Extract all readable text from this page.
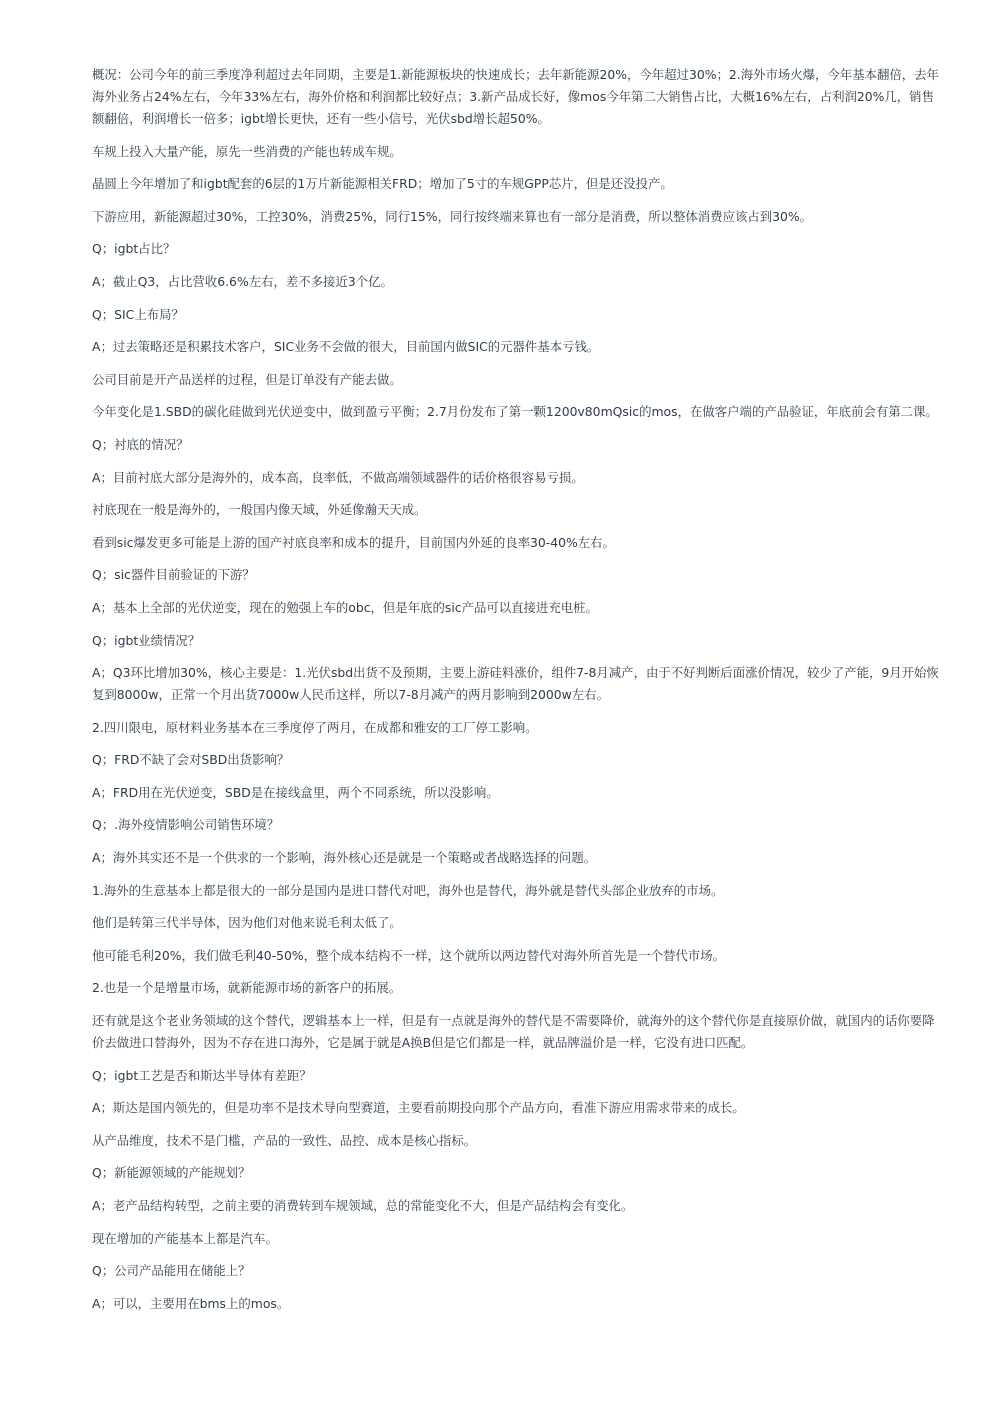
概况：公司今年的前三季度净利超过去年同期，主要是1.新能源板块的快速成长；去年新能源20%，今年超过30%；2.海外市场火爆，今年基本翻倍，去年海外业务占24%左右，今年33%左右，海外价格和利润都比较好点；3.新产品成长好，像mos今年第二大销售占比，大概16%左右，占利润20%几，销售额翻倍，利润增长一倍多；igbt增长更快，还有一些小信号，光伏sbd增长超50%。

车规上投入大量产能，原先一些消费的产能也转成车规。

晶圆上今年增加了和igbt配套的6层的1万片新能源相关FRD；增加了5寸的车规GPP芯片，但是还没投产。

下游应用，新能源超过30%，工控30%，消费25%，同行15%，同行按终端来算也有一部分是消费，所以整体消费应该占到30%。

Q；igbt占比？

A；截止Q3，占比营收6.6%左右，差不多接近3个亿。

Q；SIC上布局？

A；过去策略还是积累技术客户，SIC业务不会做的很大，目前国内做SIC的元器件基本亏钱。

公司目前是开产品送样的过程，但是订单没有产能去做。

今年变化是1.SBD的碳化硅做到光伏逆变中，做到盈亏平衡；2.7月份发布了第一颗1200v80mQsic的mos，在做客户端的产品验证，年底前会有第二课。

Q；衬底的情况？

A；目前衬底大部分是海外的，成本高，良率低，不做高端领域器件的话价格很容易亏损。

衬底现在一般是海外的，一般国内像天域，外延像瀚天天成。

看到sic爆发更多可能是上游的国产衬底良率和成本的提升，目前国内外延的良率30-40%左右。

Q；sic器件目前验证的下游？

A；基本上全部的光伏逆变，现在的勉强上车的obc，但是年底的sic产品可以直接进充电桩。

Q；igbt业绩情况？

A；Q3环比增加30%，核心主要是：1.光伏sbd出货不及预期，主要上游硅料涨价，组件7-8月减产，由于不好判断后面涨价情况，较少了产能，9月开始恢复到8000w，正常一个月出货7000w人民币这样，所以7-8月减产的两月影响到2000w左右。

2.四川限电，原材料业务基本在三季度停了两月，在成都和雅安的工厂停工影响。

Q；FRD不缺了会对SBD出货影响？

A；FRD用在光伏逆变，SBD是在接线盒里，两个不同系统，所以没影响。

Q；.海外疫情影响公司销售环境？

A；海外其实还不是一个供求的一个影响，海外核心还是就是一个策略或者战略选择的问题。

1.海外的生意基本上都是很大的一部分是国内是进口替代对吧，海外也是替代，海外就是替代头部企业放弃的市场。

他们是转第三代半导体，因为他们对他来说毛利太低了。

他可能毛利20%，我们做毛利40-50%，整个成本结构不一样，这个就所以两边替代对海外所首先是一个替代市场。

2.也是一个是增量市场，就新能源市场的新客户的拓展。

还有就是这个老业务领域的这个替代，逻辑基本上一样，但是有一点就是海外的替代是不需要降价，就海外的这个替代你是直接原价做，就国内的话你要降价去做进口替海外，因为不存在进口海外，它是属于就是A换B但是它们都是一样，就品牌溢价是一样，它没有进口匹配。

Q；igbt工艺是否和斯达半导体有差距？

A；斯达是国内领先的，但是功率不是技术导向型赛道，主要看前期投向那个产品方向，看准下游应用需求带来的成长。

从产品维度，技术不是门槛，产品的一致性、品控、成本是核心指标。

Q；新能源领域的产能规划？

A；老产品结构转型，之前主要的消费转到车规领域，总的常能变化不大，但是产品结构会有变化。

现在增加的产能基本上都是汽车。

Q；公司产品能用在储能上？

A；可以，主要用在bms上的mos。
